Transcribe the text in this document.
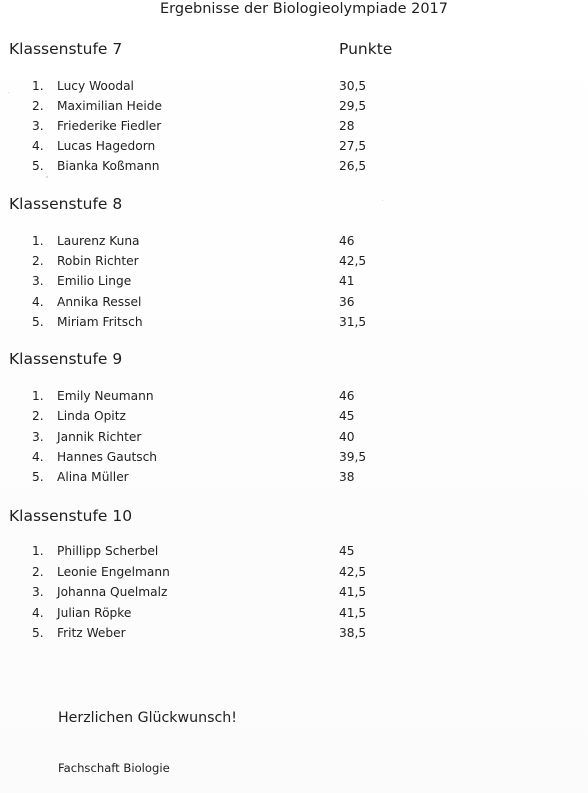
Ergebnisse der Biologieolympiade 2017
Klassenstufe 7	Punkte
1.	Lucy Woodal	30,5
2.	Maximilian Heide	29,5
3.	Friederike Fiedler	28
4.	Lucas Hagedorn	27,5
5.	Bianka Koßmann	26,5
Klassenstufe 8
1.	Laurenz Kuna	46
2.	Robin Richter	42,5
3.	Emilio Linge	41
4.	Annika Ressel	36
5.	Miriam Fritsch	31,5
Klassenstufe 9
1.	Emily Neumann	46
2.	Linda Opitz	45
3.	Jannik Richter	40
4.	Hannes Gautsch	39,5
5.	Alina Müller	38
Klassenstufe 10
1.	Phillipp Scherbel	45
2.	Leonie Engelmann	42,5
3.	Johanna Quelmalz	41,5
4.	Julian Röpke	41,5
5.	Fritz Weber	38,5
Herzlichen Glückwunsch!
Fachschaft Biologie
